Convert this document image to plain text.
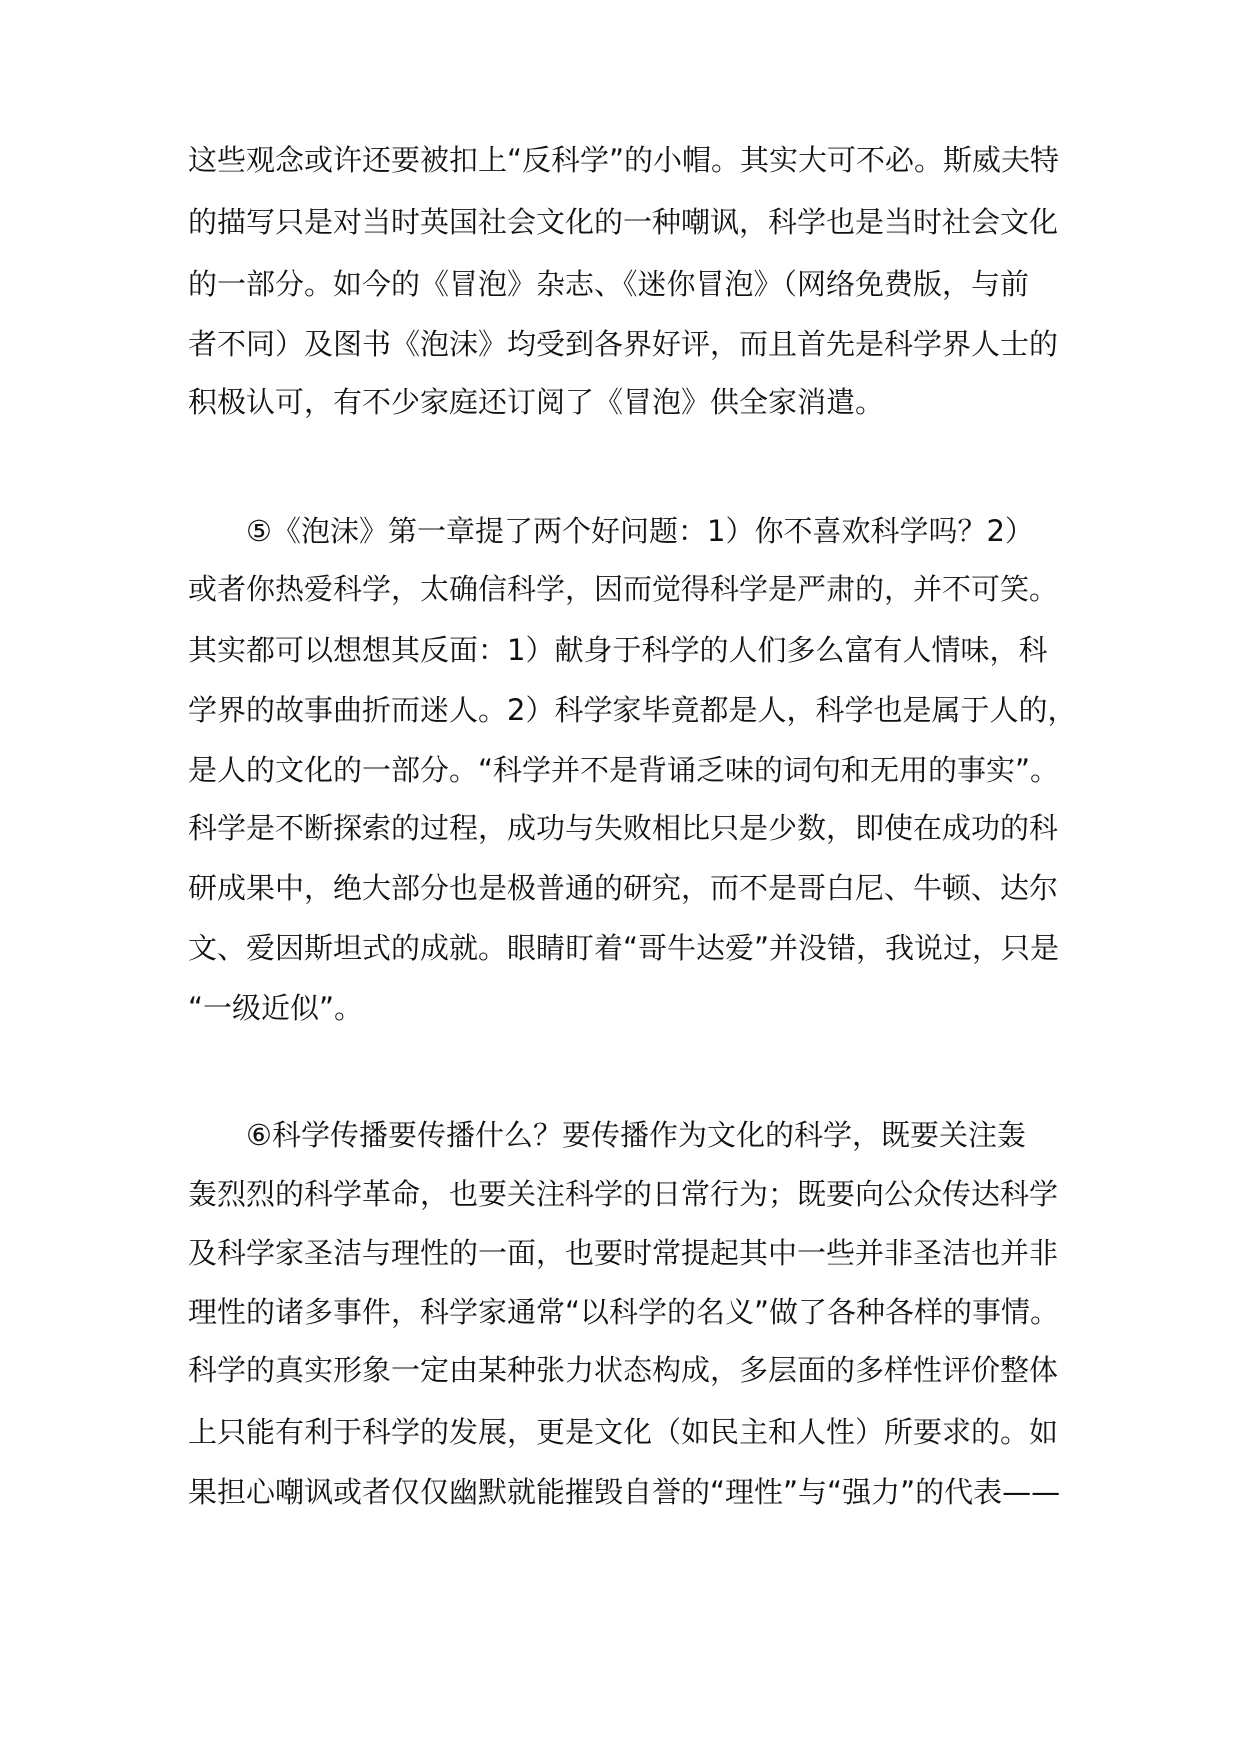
这些观念或许还要被扣上“反科学”的小帽。其实大可不必。斯威夫特

的描写只是对当时英国社会文化的一种嘲讽，科学也是当时社会文化

的一部分。如今的《冒泡》杂志、《迷你冒泡》（网络免费版，与前

者不同）及图书《泡沫》均受到各界好评，而且首先是科学界人士的

积极认可，有不少家庭还订阅了《冒泡》供全家消遣。

⑤《泡沫》第一章提了两个好问题：1）你不喜欢科学吗？2）

或者你热爱科学，太确信科学，因而觉得科学是严肃的，并不可笑。

其实都可以想想其反面：1）献身于科学的人们多么富有人情味，科

学界的故事曲折而迷人。2）科学家毕竟都是人，科学也是属于人的，

是人的文化的一部分。“科学并不是背诵乏味的词句和无用的事实”。

科学是不断探索的过程，成功与失败相比只是少数，即使在成功的科

研成果中，绝大部分也是极普通的研究，而不是哥白尼、牛顿、达尔

文、爱因斯坦式的成就。眼睛盯着“哥牛达爱”并没错，我说过，只是

“一级近似”。

⑥科学传播要传播什么？要传播作为文化的科学，既要关注轰

轰烈烈的科学革命，也要关注科学的日常行为；既要向公众传达科学

及科学家圣洁与理性的一面，也要时常提起其中一些并非圣洁也并非

理性的诸多事件，科学家通常“以科学的名义”做了各种各样的事情。

科学的真实形象一定由某种张力状态构成，多层面的多样性评价整体

上只能有利于科学的发展，更是文化（如民主和人性）所要求的。如

果担心嘲讽或者仅仅幽默就能摧毁自誉的“理性”与“强力”的代表——
